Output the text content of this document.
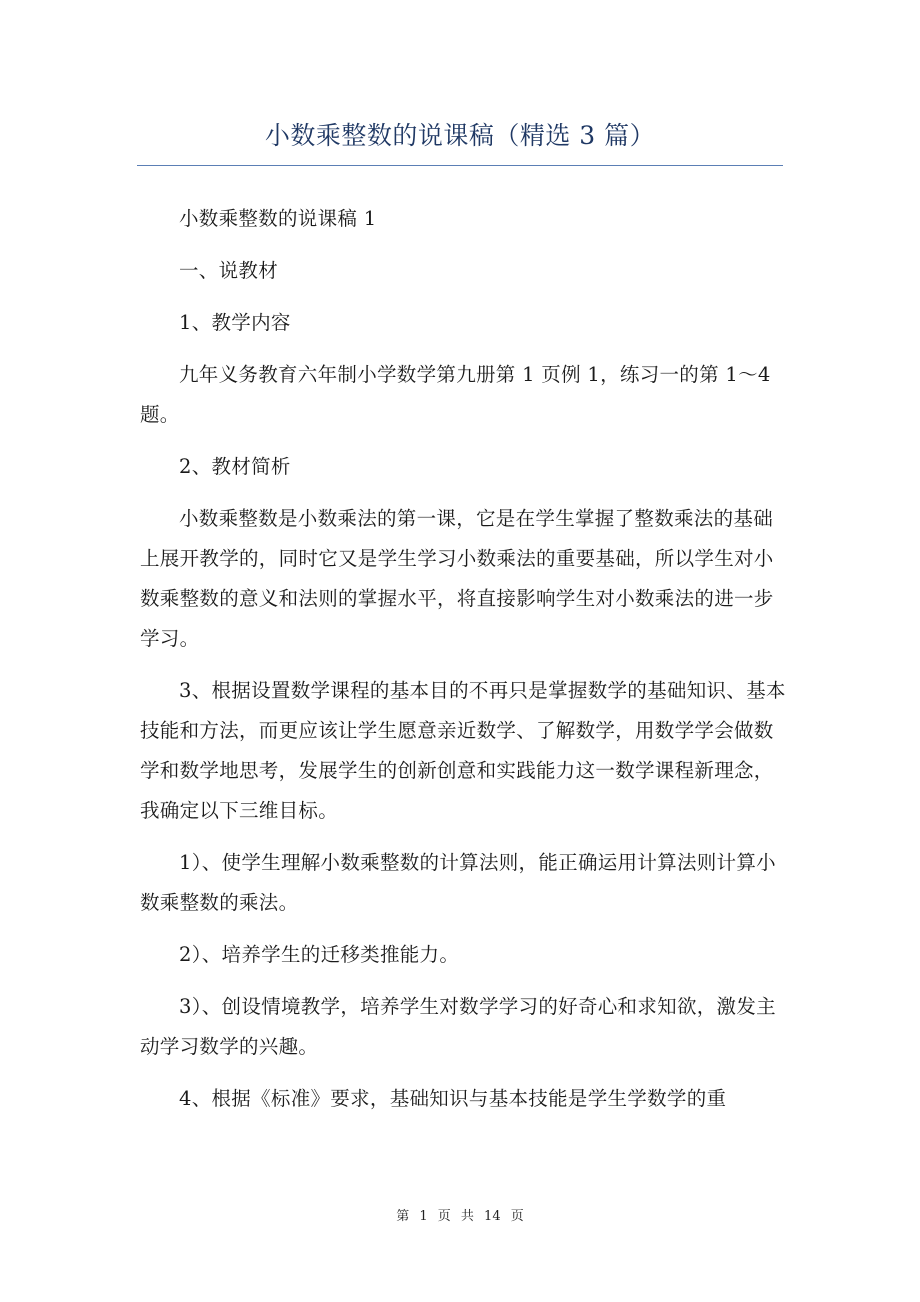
小数乘整数的说课稿（精选 3 篇）

小数乘整数的说课稿 1

一、说教材

1、教学内容

九年义务教育六年制小学数学第九册第 1 页例 1，练习一的第 1～4 题。

2、教材简析

小数乘整数是小数乘法的第一课，它是在学生掌握了整数乘法的基础上展开教学的，同时它又是学生学习小数乘法的重要基础，所以学生对小数乘整数的意义和法则的掌握水平，将直接影响学生对小数乘法的进一步学习。

3、根据设置数学课程的基本目的不再只是掌握数学的基础知识、基本技能和方法，而更应该让学生愿意亲近数学、了解数学，用数学学会做数学和数学地思考，发展学生的创新创意和实践能力这一数学课程新理念，我确定以下三维目标。

1）、使学生理解小数乘整数的计算法则，能正确运用计算法则计算小数乘整数的乘法。

2）、培养学生的迁移类推能力。

3）、创设情境教学，培养学生对数学学习的好奇心和求知欲，激发主动学习数学的兴趣。

4、根据《标准》要求，基础知识与基本技能是学生学数学的重

第 1 页 共 14 页
